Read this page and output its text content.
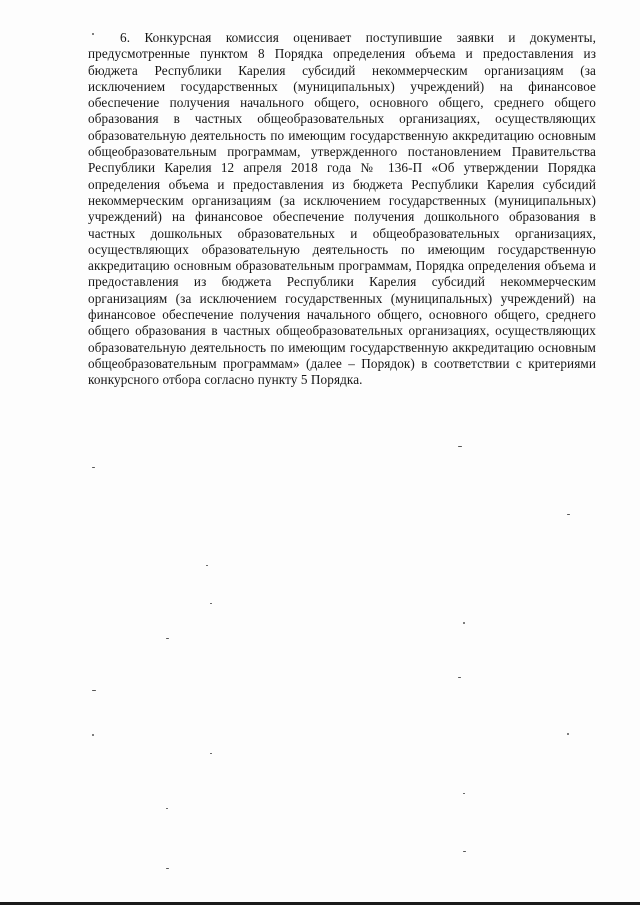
6. Конкурсная комиссия оценивает поступившие заявки и документы, предусмотренные пунктом 8 Порядка определения объема и предоставления из бюджета Республики Карелия субсидий некоммерческим организациям (за исключением государственных (муниципальных) учреждений) на финансовое обеспечение получения начального общего, основного общего, среднего общего образования в частных общеобразовательных организациях, осуществляющих образовательную деятельность по имеющим государственную аккредитацию основным общеобразовательным программам, утвержденного постановлением Правительства Республики Карелия 12 апреля 2018 года № 136-П «Об утверждении Порядка определения объема и предоставления из бюджета Республики Карелия субсидий некоммерческим организациям (за исключением государственных (муниципальных) учреждений) на финансовое обеспечение получения дошкольного образования в частных дошкольных образовательных и общеобразовательных организациях, осуществляющих образовательную деятельность по имеющим государственную аккредитацию основным образовательным программам, Порядка определения объема и предоставления из бюджета Республики Карелия субсидий некоммерческим организациям (за исключением государственных (муниципальных) учреждений) на финансовое обеспечение получения начального общего, основного общего, среднего общего образования в частных общеобразовательных организациях, осуществляющих образовательную деятельность по имеющим государственную аккредитацию основным общеобразовательным программам» (далее – Порядок) в соответствии с критериями конкурсного отбора согласно пункту 5 Порядка.
